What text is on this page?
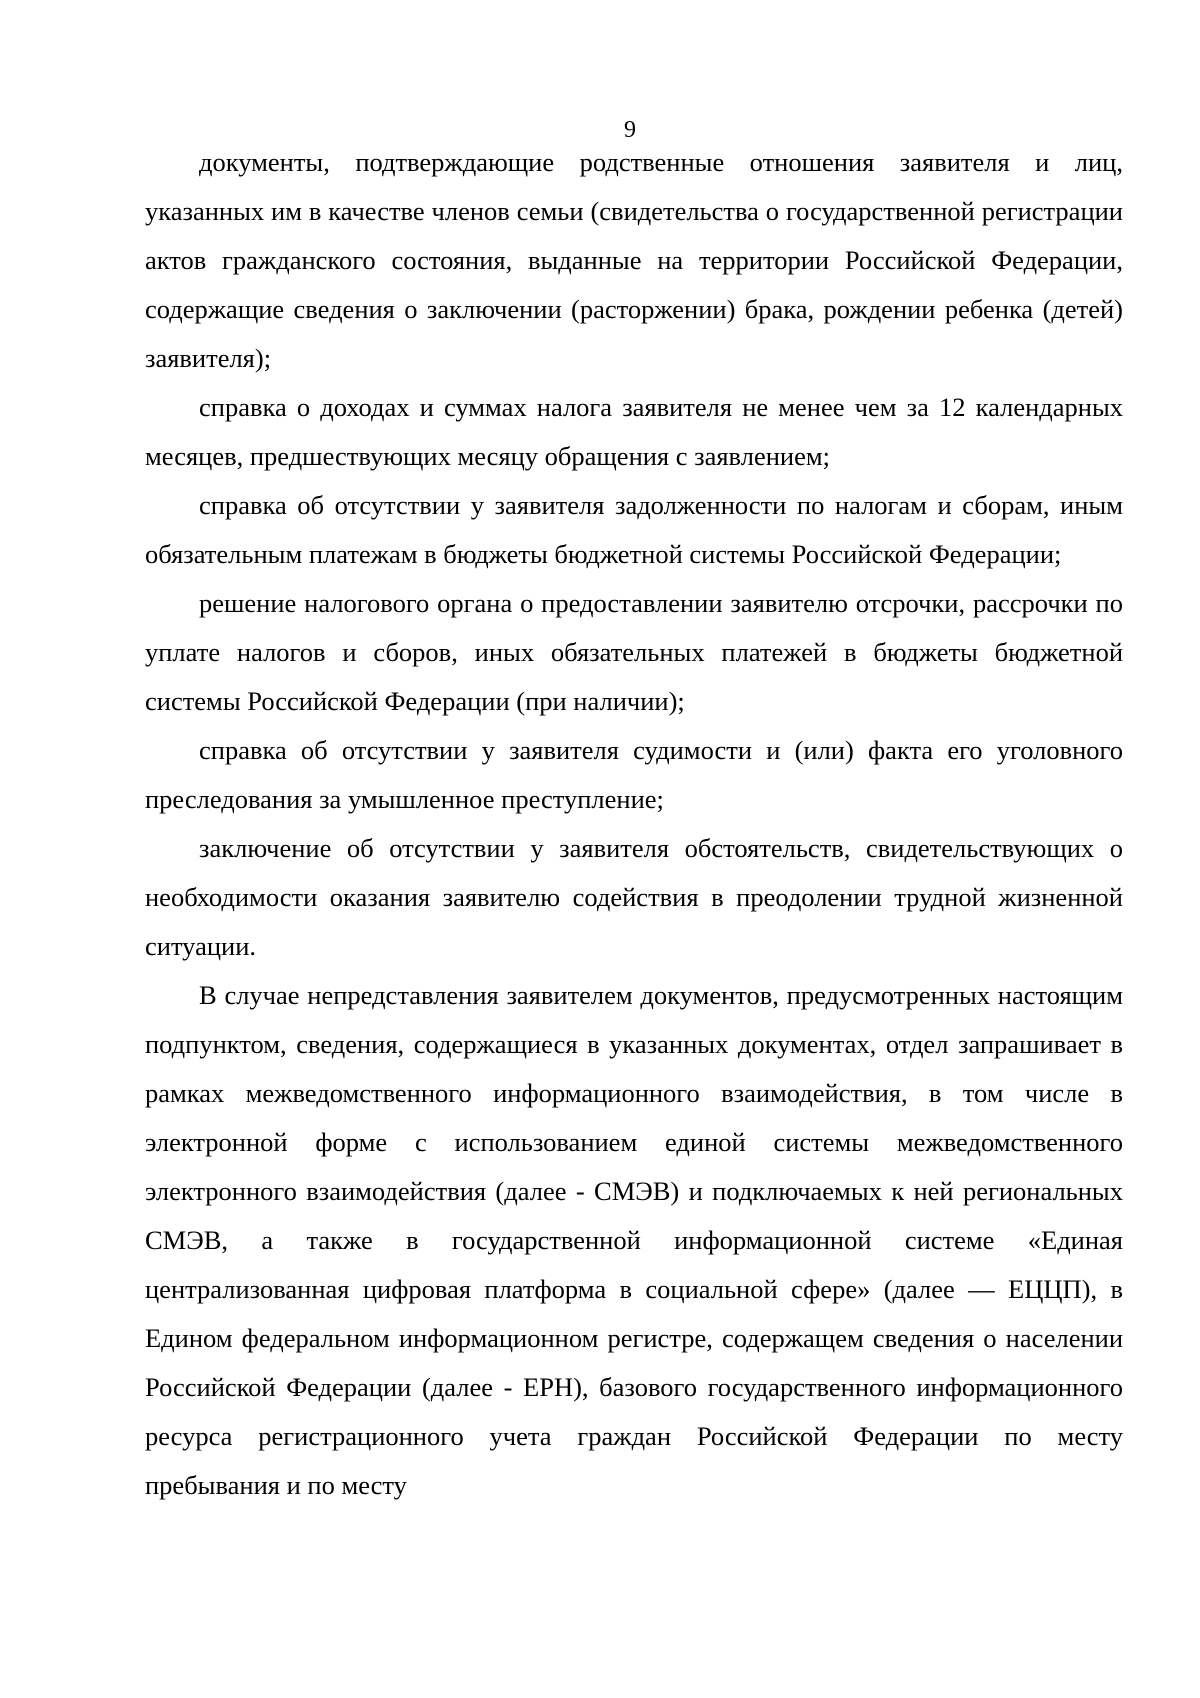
9

документы, подтверждающие родственные отношения заявителя и лиц, указанных им в качестве членов семьи (свидетельства о государственной регистрации актов гражданского состояния, выданные на территории Российской Федерации, содержащие сведения о заключении (расторжении) брака, рождении ребенка (детей) заявителя);

справка о доходах и суммах налога заявителя не менее чем за 12 календарных месяцев, предшествующих месяцу обращения с заявлением;

справка об отсутствии у заявителя задолженности по налогам и сборам, иным обязательным платежам в бюджеты бюджетной системы Российской Федерации;

решение налогового органа о предоставлении заявителю отсрочки, рассрочки по уплате налогов и сборов, иных обязательных платежей в бюджеты бюджетной системы Российской Федерации (при наличии);

справка об отсутствии у заявителя судимости и (или) факта его уголовного преследования за умышленное преступление;

заключение об отсутствии у заявителя обстоятельств, свидетельствующих о необходимости оказания заявителю содействия в преодолении трудной жизненной ситуации.

В случае непредставления заявителем документов, предусмотренных настоящим подпунктом, сведения, содержащиеся в указанных документах, отдел запрашивает в рамках межведомственного информационного взаимодействия, в том числе в электронной форме с использованием единой системы межведомственного электронного взаимодействия (далее - СМЭВ) и подключаемых к ней региональных СМЭВ, а также в государственной информационной системе «Единая централизованная цифровая платформа в социальной сфере» (далее — ЕЦЦП), в Едином федеральном информационном регистре, содержащем сведения о населении Российской Федерации (далее - ЕРН), базового государственного информационного ресурса регистрационного учета граждан Российской Федерации по месту пребывания и по месту
